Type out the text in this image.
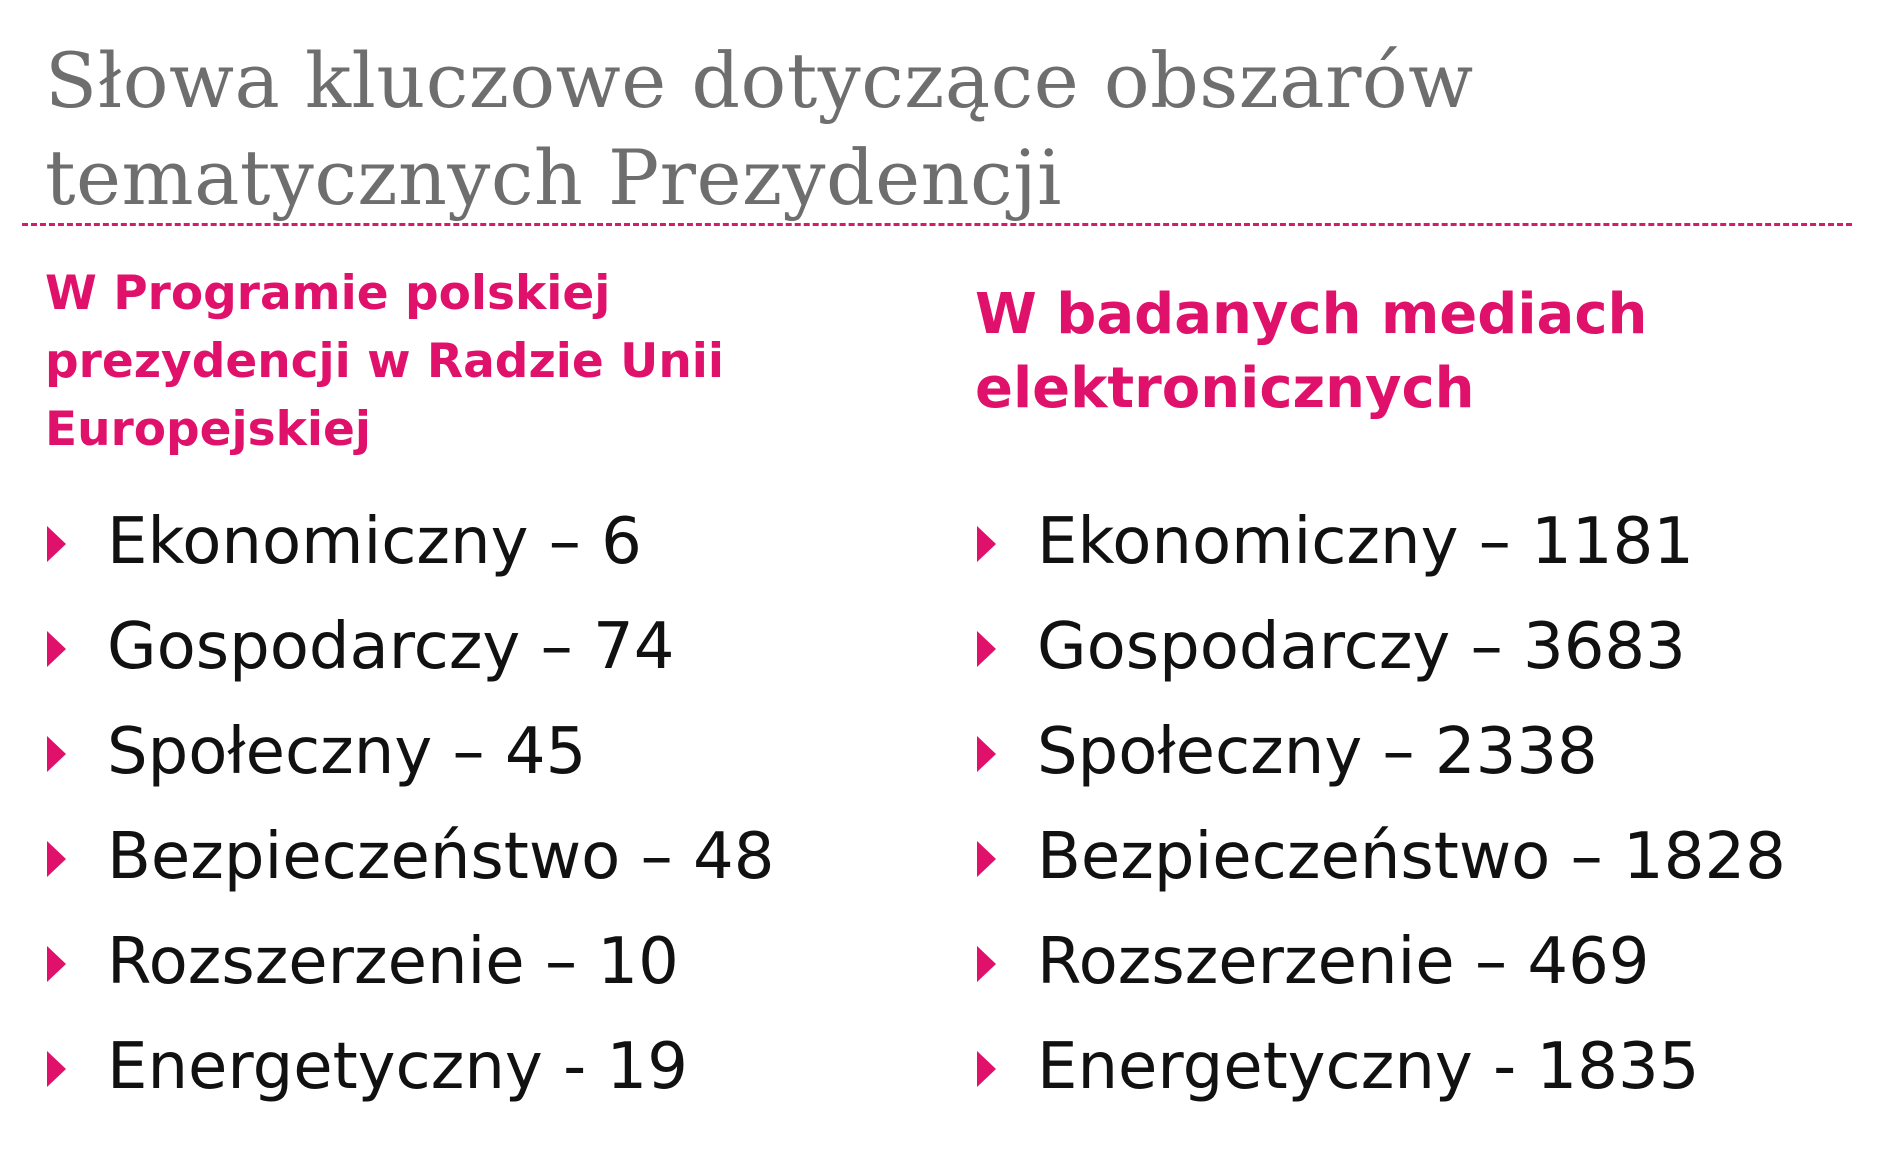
Słowa kluczowe dotyczące obszarów
tematycznych Prezydencji
W Programie polskiej
prezydencji w Radzie Unii
Europejskiej
Ekonomiczny – 6
Gospodarczy – 74
Społeczny – 45
Bezpieczeństwo – 48
Rozszerzenie – 10
Energetyczny - 19
W badanych mediach
elektronicznych
Ekonomiczny – 1181
Gospodarczy – 3683
Społeczny – 2338
Bezpieczeństwo – 1828
Rozszerzenie – 469
Energetyczny - 1835
